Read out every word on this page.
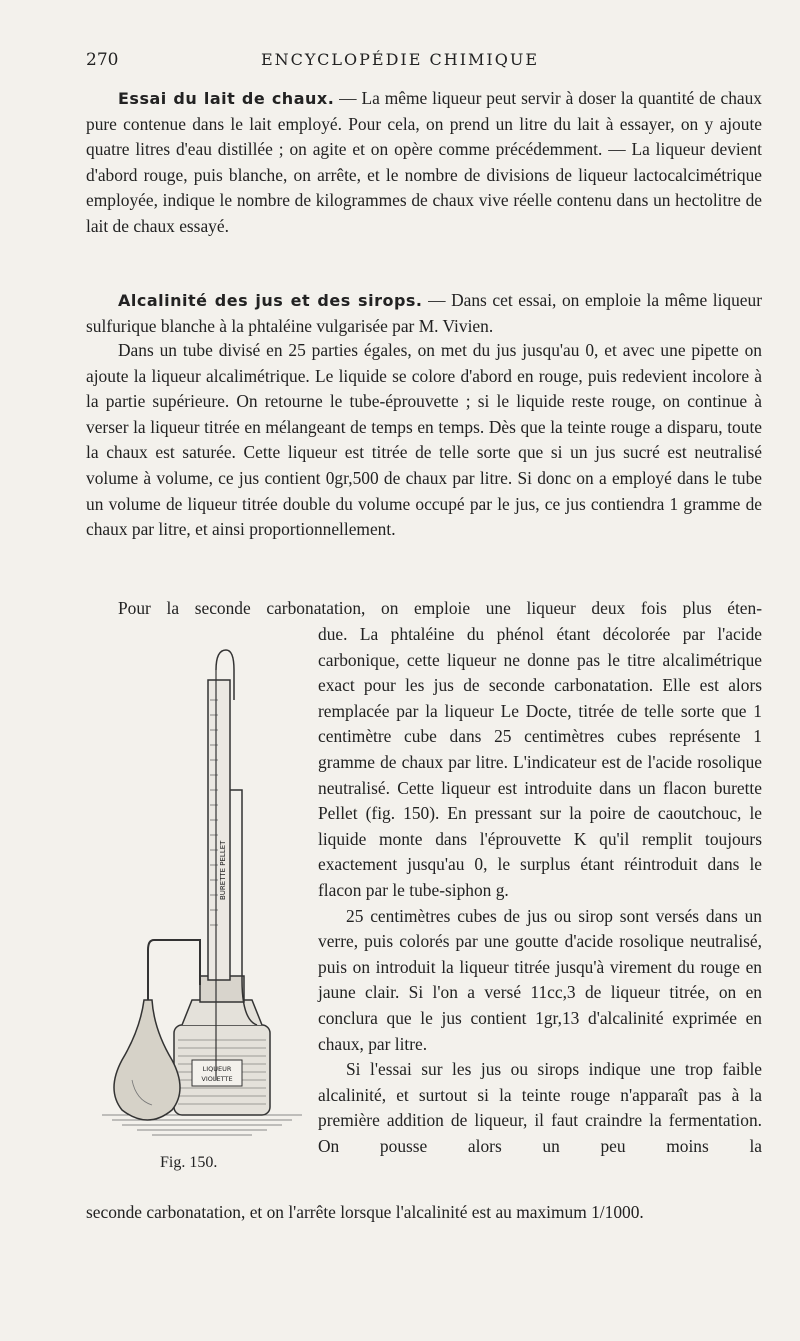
270	ENCYCLOPÉDIE CHIMIQUE

Essai du lait de chaux. — La même liqueur peut servir à doser la quantité de chaux pure contenue dans le lait employé. Pour cela, on prend un litre du lait à essayer, on y ajoute quatre litres d'eau distillée ; on agite et on opère comme précédemment. — La liqueur devient d'abord rouge, puis blanche, on arrête, et le nombre de divisions de liqueur lactocalcimétrique employée, indique le nombre de kilogrammes de chaux vive réelle contenu dans un hectolitre de lait de chaux essayé.

Alcalinité des jus et des sirops. — Dans cet essai, on emploie la même liqueur sulfurique blanche à la phtaléine vulgarisée par M. Vivien.

Dans un tube divisé en 25 parties égales, on met du jus jusqu'au 0, et avec une pipette on ajoute la liqueur alcalimétrique. Le liquide se colore d'abord en rouge, puis redevient incolore à la partie supérieure. On retourne le tube-éprouvette ; si le liquide reste rouge, on continue à verser la liqueur titrée en mélangeant de temps en temps. Dès que la teinte rouge a disparu, toute la chaux est saturée. Cette liqueur est titrée de telle sorte que si un jus sucré est neutralisé volume à volume, ce jus contient 0gr,500 de chaux par litre. Si donc on a employé dans le tube un volume de liqueur titrée double du volume occupé par le jus, ce jus contiendra 1 gramme de chaux par litre, et ainsi proportionnellement.

Pour la seconde carbonatation, on emploie une liqueur deux fois plus éten-

due. La phtaléine du phénol étant décolorée par l'acide carbonique, cette liqueur ne donne pas le titre alcalimétrique exact pour les jus de seconde carbonatation. Elle est alors remplacée par la liqueur Le Docte, titrée de telle sorte que 1 centimètre cube dans 25 centimètres cubes représente 1 gramme de chaux par litre. L'indicateur est de l'acide rosolique neutralisé. Cette liqueur est introduite dans un flacon burette Pellet (fig. 150). En pressant sur la poire de caoutchouc, le liquide monte dans l'éprouvette K qu'il remplit toujours exactement jusqu'au 0, le surplus étant réintroduit dans le flacon par le tube-siphon g.

25 centimètres cubes de jus ou sirop sont versés dans un verre, puis colorés par une goutte d'acide rosolique neutralisé, puis on introduit la liqueur titrée jusqu'à virement du rouge en jaune clair. Si l'on a versé 11cc,3 de liqueur titrée, on en conclura que le jus contient 1gr,13 d'alcalinité exprimée en chaux, par litre.

Si l'essai sur les jus ou sirops indique une trop faible alcalinité, et surtout si la teinte rouge n'apparaît pas à la première addition de liqueur, il faut craindre la fermentation. On pousse alors un peu moins la

LIQUEUR
VIOLETTE
BURETTE PELLET
Fig. 150.
seconde carbonatation, et on l'arrête lorsque l'alcalinité est au maximum 1/1000.
